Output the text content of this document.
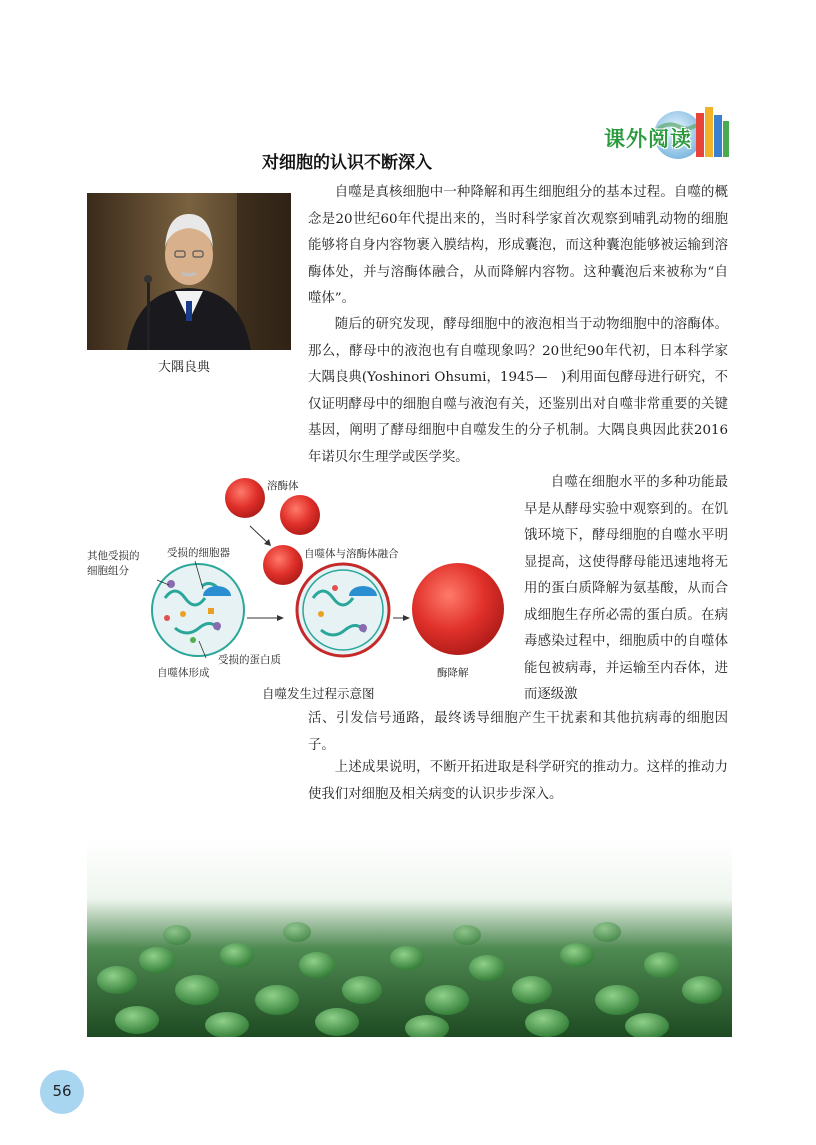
课外阅读
对细胞的认识不断深入
大隅良典

自噬是真核细胞中一种降解和再生细胞组分的基本过程。自噬的概念是20世纪60年代提出来的，当时科学家首次观察到哺乳动物的细胞能够将自身内容物裹入膜结构，形成囊泡，而这种囊泡能够被运输到溶酶体处，并与溶酶体融合，从而降解内容物。这种囊泡后来被称为“自噬体”。

随后的研究发现，酵母细胞中的液泡相当于动物细胞中的溶酶体。那么，酵母中的液泡也有自噬现象吗？20世纪90年代初，日本科学家大隅良典(Yoshinori Ohsumi，1945—　)利用面包酵母进行研究，不仅证明酵母中的细胞自噬与液泡有关，还鉴别出对自噬非常重要的关键基因，阐明了酵母细胞中自噬发生的分子机制。大隅良典因此获2016年诺贝尔生理学或医学奖。

溶酶体
其他受损的
细胞组分
受损的细胞器	自噬体与溶酶体融合
自噬体形成
受损的蛋白质
酶降解
自噬发生过程示意图

自噬在细胞水平的多种功能最早是从酵母实验中观察到的。在饥饿环境下，酵母细胞的自噬水平明显提高，这使得酵母能迅速地将无用的蛋白质降解为氨基酸，从而合成细胞生存所必需的蛋白质。在病毒感染过程中，细胞质中的自噬体能包被病毒，并运输至内吞体，进而逐级激

活、引发信号通路，最终诱导细胞产生干扰素和其他抗病毒的细胞因子。

上述成果说明，不断开拓进取是科学研究的推动力。这样的推动力使我们对细胞及相关病变的认识步步深入。

56
